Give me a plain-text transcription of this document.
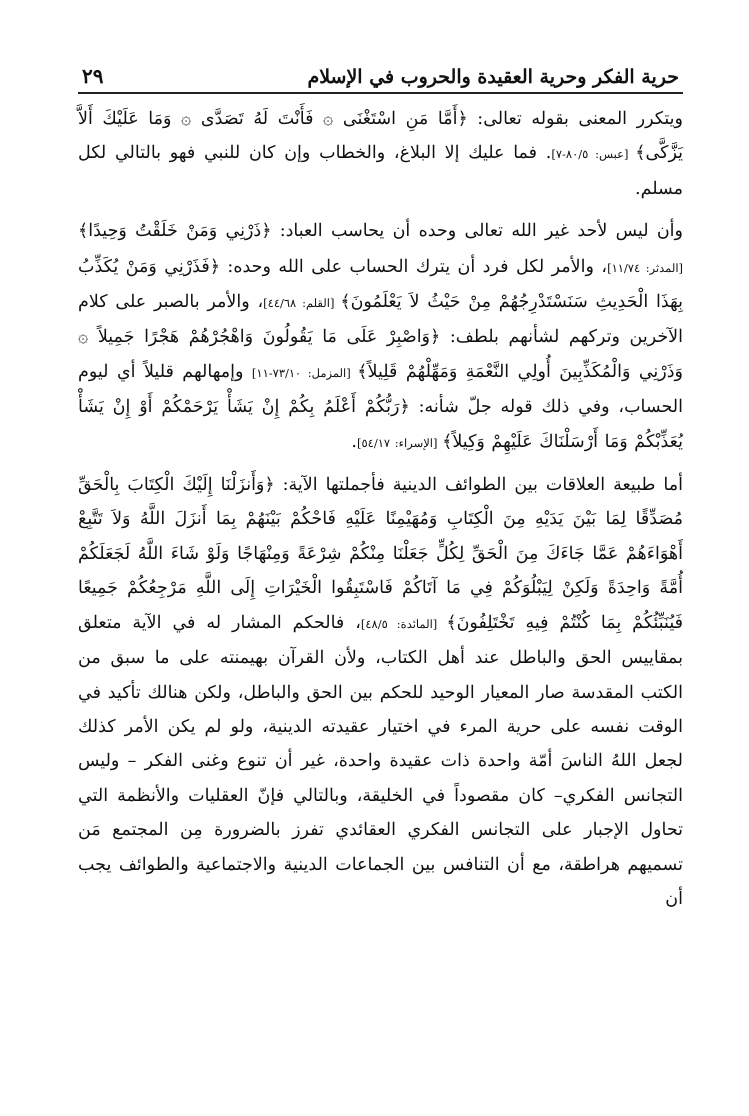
حرية الفكر وحرية العقيدة والحروب في الإسلام
٢٩

ويتكرر المعنى بقوله تعالى: ﴿أَمَّا مَنِ اسْتَغْنَى ۞ فَأَنْتَ لَهُ تَصَدَّى ۞ وَمَا عَلَيْكَ أَلاَّ يَزَّكَّى﴾ [عبس: ٨٠/٥-٧]. فما عليك إلا البلاغ، والخطاب وإن كان للنبي فهو بالتالي لكل مسلم.

وأن ليس لأحد غير الله تعالى وحده أن يحاسب العباد: ﴿ذَرْنِي وَمَنْ خَلَقْتُ وَحِيدًا﴾ [المدثر: ١١/٧٤]، والأمر لكل فرد أن يترك الحساب على الله وحده: ﴿فَذَرْنِي وَمَنْ يُكَذِّبُ بِهَذَا الْحَدِيثِ سَنَسْتَدْرِجُهُمْ مِنْ حَيْثُ لاَ يَعْلَمُونَ﴾ [القلم: ٤٤/٦٨]، والأمر بالصبر على كلام الآخرين وتركهم لشأنهم بلطف: ﴿وَاصْبِرْ عَلَى مَا يَقُولُونَ وَاهْجُرْهُمْ هَجْرًا جَمِيلاً ۞ وَذَرْنِي وَالْمُكَذِّبِينَ أُولِي النَّعْمَةِ وَمَهِّلْهُمْ قَلِيلاً﴾ [المزمل: ٧٣/١٠-١١] وإمهالهم قليلاً أي ليوم الحساب، وفي ذلك قوله جلّ شأنه: ﴿رَبُّكُمْ أَعْلَمُ بِكُمْ إِنْ يَشَأْ يَرْحَمْكُمْ أَوْ إِنْ يَشَأْ يُعَذِّبْكُمْ وَمَا أَرْسَلْنَاكَ عَلَيْهِمْ وَكِيلاً﴾ [الإسراء: ٥٤/١٧].

أما طبيعة العلاقات بين الطوائف الدينية فأجملتها الآية: ﴿وَأَنزَلْنَا إِلَيْكَ الْكِتَابَ بِالْحَقِّ مُصَدِّقًا لِمَا بَيْنَ يَدَيْهِ مِنَ الْكِتَابِ وَمُهَيْمِنًا عَلَيْهِ فَاحْكُمْ بَيْنَهُمْ بِمَا أَنزَلَ اللَّهُ وَلاَ تَتَّبِعْ أَهْوَاءَهُمْ عَمَّا جَاءَكَ مِنَ الْحَقِّ لِكُلٍّ جَعَلْنَا مِنْكُمْ شِرْعَةً وَمِنْهَاجًا وَلَوْ شَاءَ اللَّهُ لَجَعَلَكُمْ أُمَّةً وَاحِدَةً وَلَكِنْ لِيَبْلُوَكُمْ فِي مَا آتَاكُمْ فَاسْتَبِقُوا الْخَيْرَاتِ إِلَى اللَّهِ مَرْجِعُكُمْ جَمِيعًا فَيُنَبِّئُكُمْ بِمَا كُنْتُمْ فِيهِ تَخْتَلِفُونَ﴾ [المائدة: ٤٨/٥]، فالحكم المشار له في الآية متعلق بمقاييس الحق والباطل عند أهل الكتاب، ولأن القرآن بهيمنته على ما سبق من الكتب المقدسة صار المعيار الوحيد للحكم بين الحق والباطل، ولكن هنالك تأكيد في الوقت نفسه على حرية المرء في اختيار عقيدته الدينية، ولو لم يكن الأمر كذلك لجعل اللهُ الناسَ أمّة واحدة ذات عقيدة واحدة، غير أن تنوع وغنى الفكر – وليس التجانس الفكري– كان مقصوداً في الخليقة، وبالتالي فإنّ العقليات والأنظمة التي تحاول الإجبار على التجانس الفكري العقائدي تفرز بالضرورة مِن المجتمع مَن تسميهم هراطقة، مع أن التنافس بين الجماعات الدينية والاجتماعية والطوائف يجب أن
